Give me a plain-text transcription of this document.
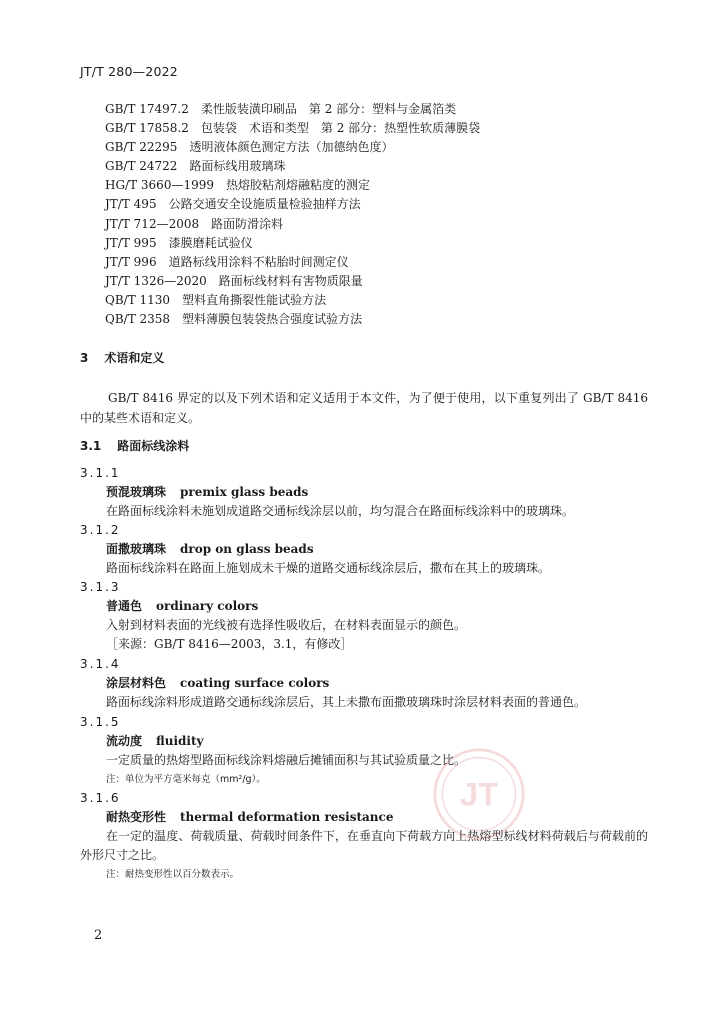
JT/T 280—2022
GB/T 17497.2 柔性版装潢印刷品　第 2 部分：塑料与金属箔类
GB/T 17858.2 包装袋　术语和类型　第 2 部分：热塑性软质薄膜袋
GB/T 22295 透明液体颜色测定方法（加德纳色度）
GB/T 24722 路面标线用玻璃珠
HG/T 3660—1999 热熔胶粘剂熔融粘度的测定
JT/T 495 公路交通安全设施质量检验抽样方法
JT/T 712—2008 路面防滑涂料
JT/T 995 漆膜磨耗试验仪
JT/T 996 道路标线用涂料不粘胎时间测定仪
JT/T 1326—2020 路面标线材料有害物质限量
QB/T 1130 塑料直角撕裂性能试验方法
QB/T 2358 塑料薄膜包装袋热合强度试验方法
3 术语和定义
GB/T 8416 界定的以及下列术语和定义适用于本文件，为了便于使用，以下重复列出了 GB/T 8416 中的某些术语和定义。
3.1 路面标线涂料
3.1.1
预混玻璃珠 premix glass beads
在路面标线涂料未施划成道路交通标线涂层以前，均匀混合在路面标线涂料中的玻璃珠。
3.1.2
面撒玻璃珠 drop on glass beads
路面标线涂料在路面上施划成未干燥的道路交通标线涂层后，撒布在其上的玻璃珠。
3.1.3
普通色 ordinary colors
入射到材料表面的光线被有选择性吸收后，在材料表面显示的颜色。
［来源：GB/T 8416—2003，3.1，有修改］
3.1.4
涂层材料色 coating surface colors
路面标线涂料形成道路交通标线涂层后，其上未撒布面撒玻璃珠时涂层材料表面的普通色。
3.1.5
流动度 fluidity
一定质量的热熔型路面标线涂料熔融后摊铺面积与其试验质量之比。
注：单位为平方毫米每克（mm²/g）。
3.1.6
耐热变形性 thermal deformation resistance
在一定的温度、荷载质量、荷载时间条件下，在垂直向下荷载方向上热熔型标线材料荷载后与荷载前的外形尺寸之比。
注：耐热变形性以百分数表示。
JT
2
